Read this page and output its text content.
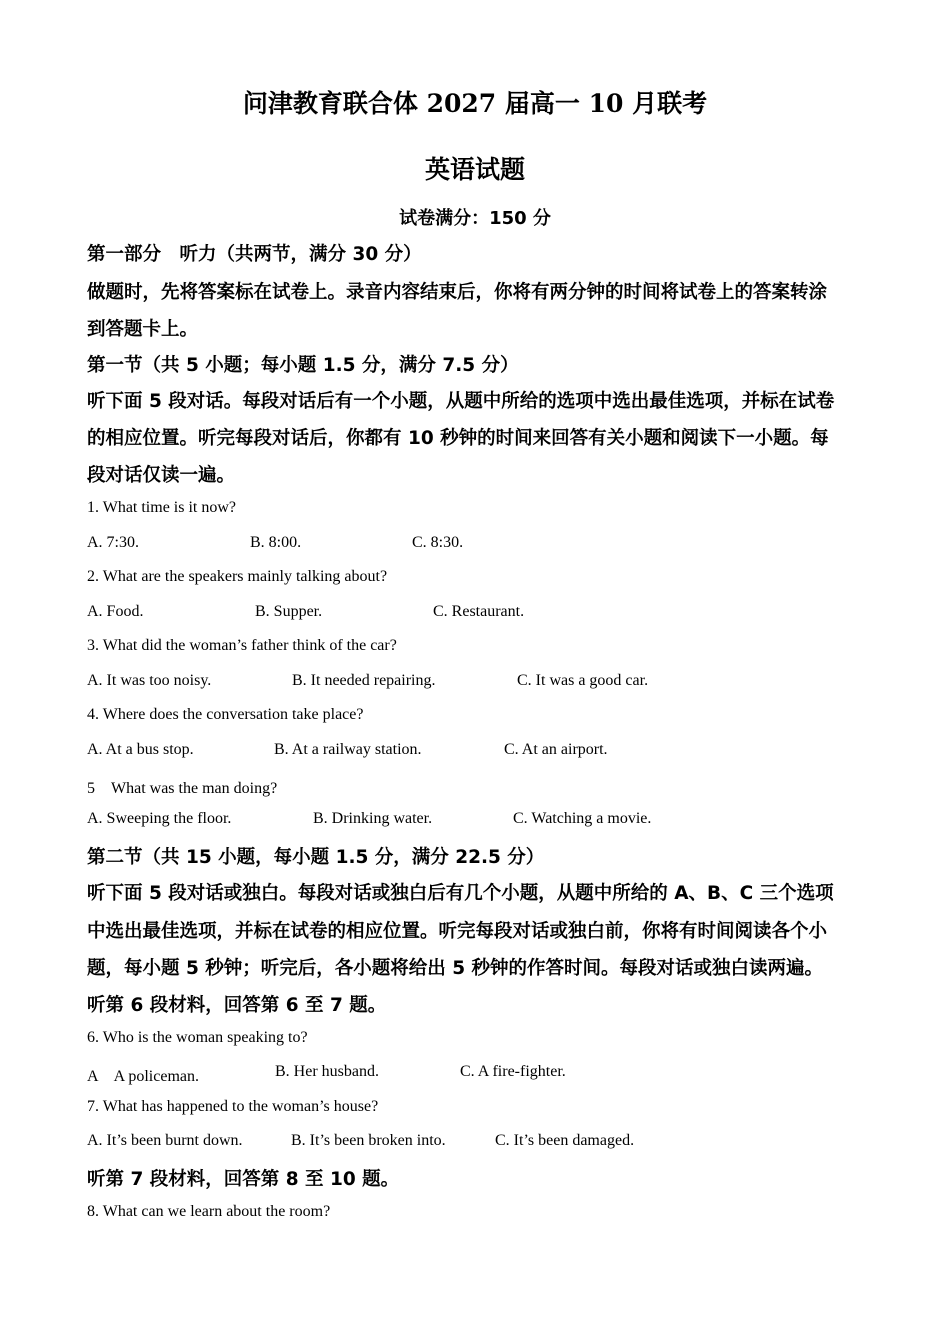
问津教育联合体 2027 届高一 10 月联考
英语试题
试卷满分：150 分
第一部分　听力（共两节，满分 30 分）
做题时，先将答案标在试卷上。录音内容结束后，你将有两分钟的时间将试卷上的答案转涂
到答题卡上。
第一节（共 5 小题；每小题 1.5 分，满分 7.5 分）
听下面 5 段对话。每段对话后有一个小题，从题中所给的选项中选出最佳选项，并标在试卷
的相应位置。听完每段对话后，你都有 10 秒钟的时间来回答有关小题和阅读下一小题。每
段对话仅读一遍。
1. What time is it now?
A. 7:30.	B. 8:00.	C. 8:30.
2. What are the speakers mainly talking about?
A. Food.	B. Supper.	C. Restaurant.
3. What did the woman’s father think of the car?
A. It was too noisy.	B. It needed repairing.	C. It was a good car.
4. Where does the conversation take place?
A. At a bus stop.	B. At a railway station.	C. At an airport.
5　What was the man doing?
A. Sweeping the floor.	B. Drinking water.	C. Watching a movie.
第二节（共 15 小题，每小题 1.5 分，满分 22.5 分）
听下面 5 段对话或独白。每段对话或独白后有几个小题，从题中所给的 A、B、C 三个选项
中选出最佳选项，并标在试卷的相应位置。听完每段对话或独白前，你将有时间阅读各个小
题，每小题 5 秒钟；听完后，各小题将给出 5 秒钟的作答时间。每段对话或独白读两遍。
听第 6 段材料，回答第 6 至 7 题。
6. Who is the woman speaking to?
A　A policeman.	B. Her husband.	C. A fire-fighter.
7. What has happened to the woman’s house?
A. It’s been burnt down.	B. It’s been broken into.	C. It’s been damaged.
听第 7 段材料，回答第 8 至 10 题。
8. What can we learn about the room?
